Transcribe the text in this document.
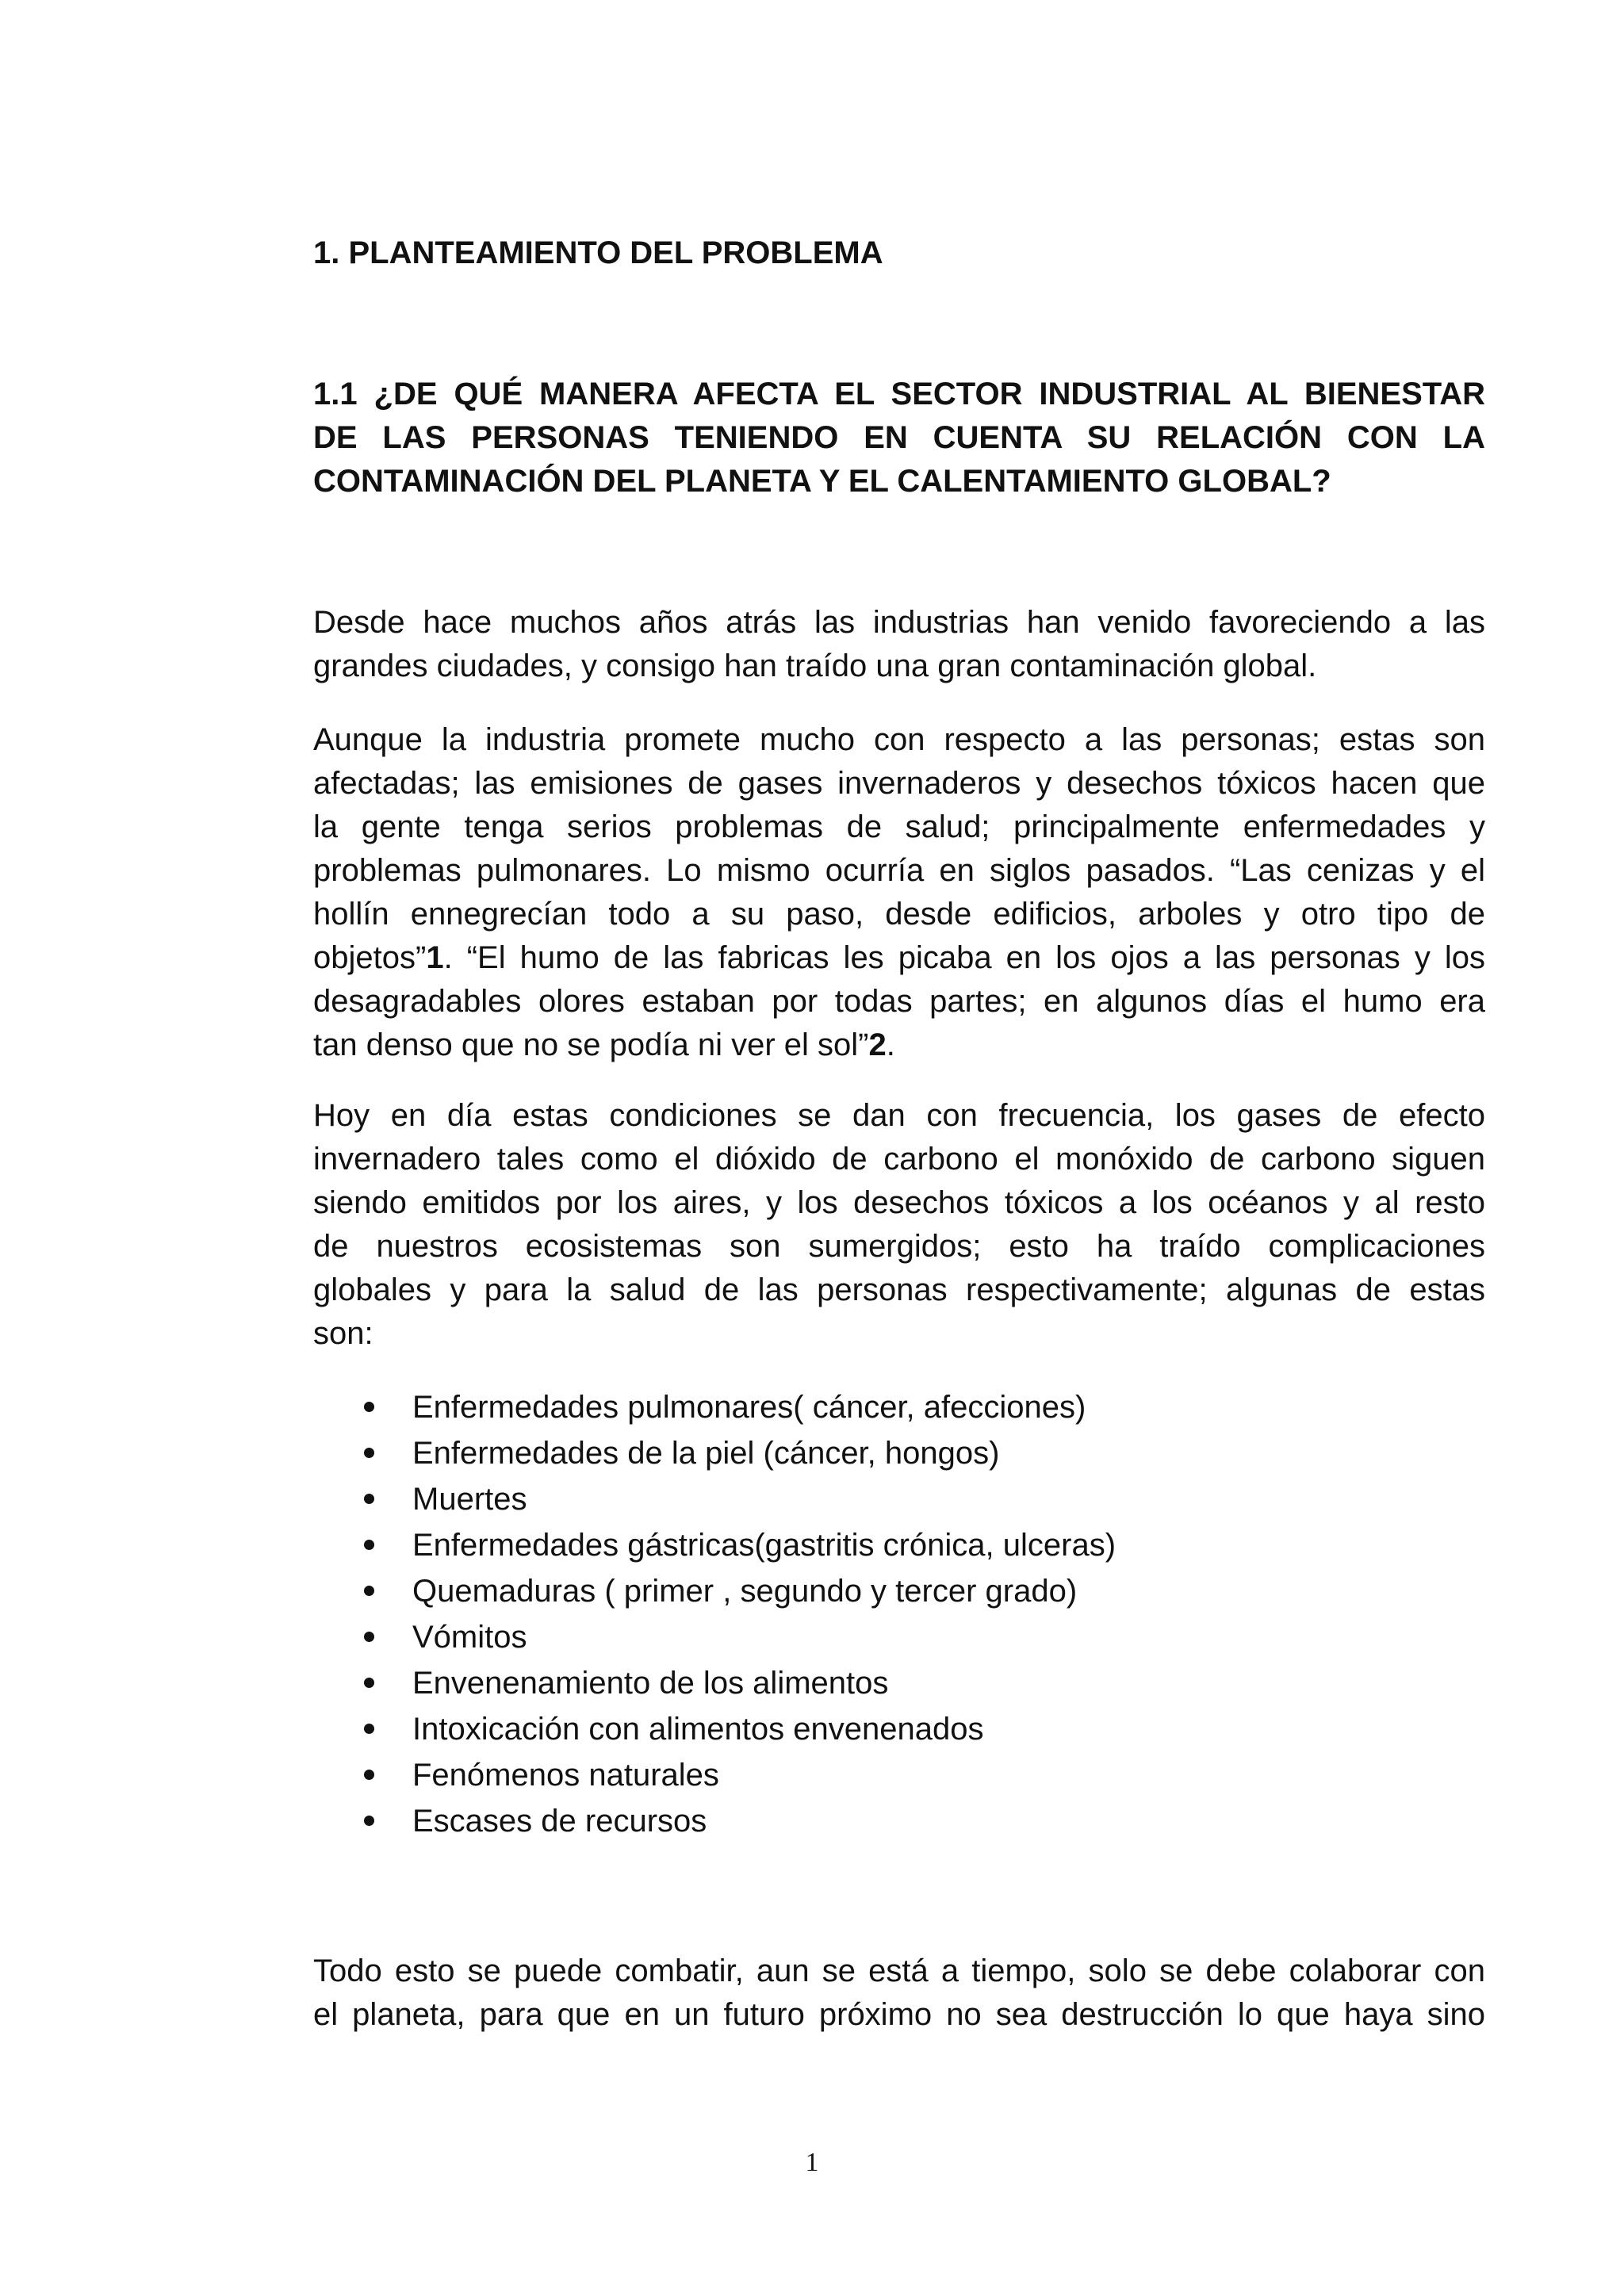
1. PLANTEAMIENTO DEL PROBLEMA
1.1 ¿DE QUÉ MANERA AFECTA EL SECTOR INDUSTRIAL AL BIENESTAR
DE LAS PERSONAS TENIENDO EN CUENTA SU RELACIÓN CON LA
CONTAMINACIÓN DEL PLANETA Y EL CALENTAMIENTO GLOBAL?

Desde hace muchos años atrás las industrias han venido favoreciendo a las
grandes ciudades, y consigo han traído una gran contaminación global.

Aunque la industria promete mucho con respecto a las personas; estas son
afectadas; las emisiones de gases invernaderos y desechos tóxicos hacen que
la gente tenga serios problemas de salud; principalmente enfermedades y
problemas pulmonares. Lo mismo ocurría en siglos pasados. “Las cenizas y el
hollín ennegrecían todo a su paso, desde edificios, arboles y otro tipo de
objetos”1. “El humo de las fabricas les picaba en los ojos a las personas y los
desagradables olores estaban por todas partes; en algunos días el humo era
tan denso que no se podía ni ver el sol”2.

Hoy en día estas condiciones se dan con frecuencia, los gases de efecto
invernadero tales como el dióxido de carbono el monóxido de carbono siguen
siendo emitidos por los aires, y los desechos tóxicos a los océanos y al resto
de nuestros ecosistemas son sumergidos; esto ha traído complicaciones
globales y para la salud de las personas respectivamente; algunas de estas
son:

Enfermedades pulmonares( cáncer, afecciones)
Enfermedades de la piel (cáncer, hongos)
Muertes
Enfermedades gástricas(gastritis crónica, ulceras)
Quemaduras ( primer , segundo y tercer grado)
Vómitos
Envenenamiento de los alimentos
Intoxicación con alimentos envenenados
Fenómenos naturales
Escases de recursos

Todo esto se puede combatir, aun se está a tiempo, solo se debe colaborar con
el planeta, para que en un futuro próximo no sea destrucción lo que haya sino

1
